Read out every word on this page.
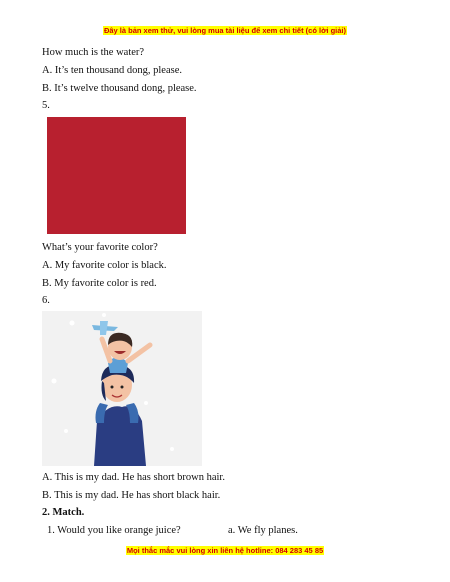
Đây là bản xem thử, vui lòng mua tài liệu để xem chi tiết (có lời giải)
How much is the water?
A. It’s ten thousand dong, please.
B. It’s twelve thousand dong, please.
5.
What’s your favorite color?
A. My favorite color is black.
B. My favorite color is red.
6.
A. This is my dad. He has short brown hair.
B. This is my dad. He has short black hair.
2. Match.
1. Would you like orange juice?	a. We fly planes.
Mọi thắc mắc vui lòng xin liên hệ hotline: 084 283 45 85
